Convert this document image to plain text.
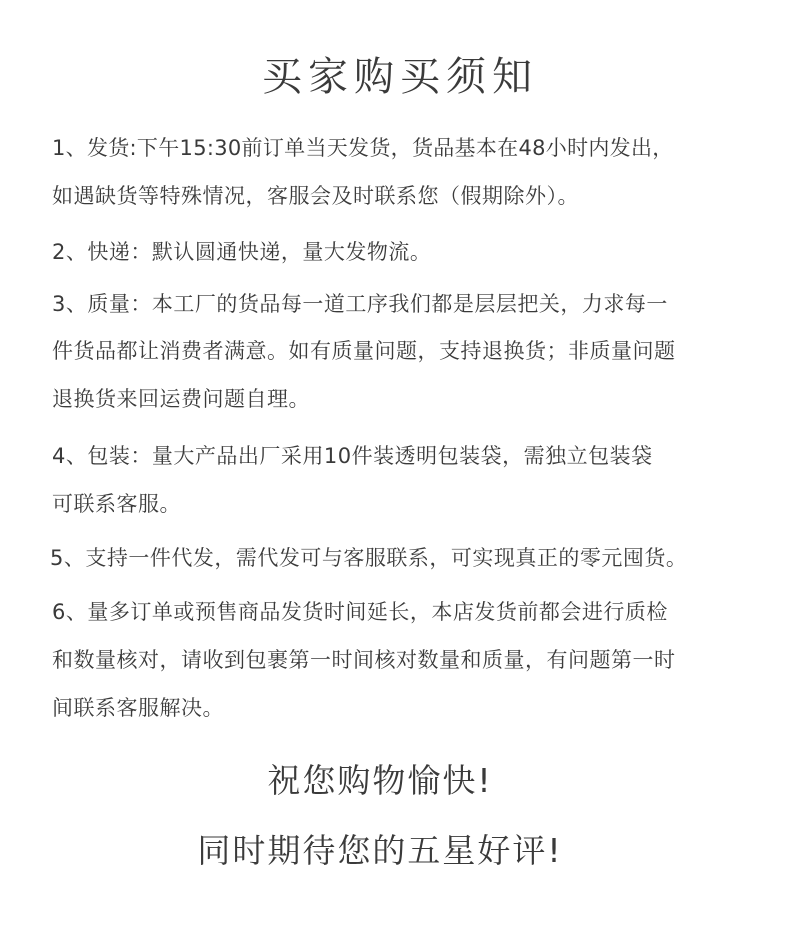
买家购买须知
1、发货:下午15:30前订单当天发货，货品基本在48小时内发出，
如遇缺货等特殊情况，客服会及时联系您（假期除外）。
2、快递：默认圆通快递，量大发物流。
3、质量：本工厂的货品每一道工序我们都是层层把关，力求每一
件货品都让消费者满意。如有质量问题，支持退换货；非质量问题
退换货来回运费问题自理。
4、包装：量大产品出厂采用10件装透明包装袋，需独立包装袋
可联系客服。
5、支持一件代发，需代发可与客服联系，可实现真正的零元囤货。
6、量多订单或预售商品发货时间延长，本店发货前都会进行质检
和数量核对，请收到包裹第一时间核对数量和质量，有问题第一时
间联系客服解决。
祝您购物愉快!
同时期待您的五星好评!
